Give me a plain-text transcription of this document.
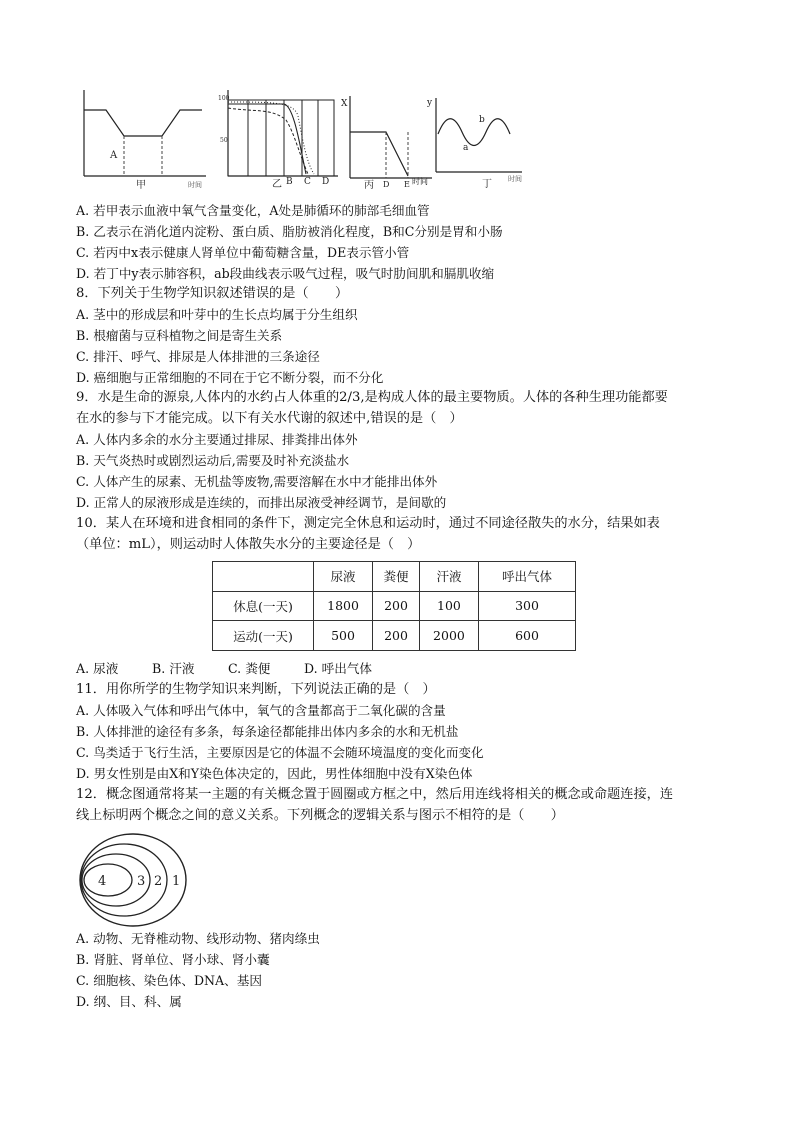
A
甲	时间
100
50
乙 B C D
X
丙 D E 时间
y
a
b
丁 时间
A. 若甲表示血液中氧气含量变化，A处是肺循环的肺部毛细血管
B. 乙表示在消化道内淀粉、蛋白质、脂肪被消化程度，B和C分别是胃和小肠
C. 若丙中x表示健康人肾单位中葡萄糖含量，DE表示管小管
D. 若丁中y表示肺容积，ab段曲线表示吸气过程，吸气时肋间肌和膈肌收缩
8．下列关于生物学知识叙述错误的是（　　）
A. 茎中的形成层和叶芽中的生长点均属于分生组织
B. 根瘤菌与豆科植物之间是寄生关系
C. 排汗、呼气、排尿是人体排泄的三条途径
D. 癌细胞与正常细胞的不同在于它不断分裂，而不分化
9．水是生命的源泉,人体内的水约占人体重的2/3,是构成人体的最主要物质。人体的各种生理功能都要
在水的参与下才能完成。以下有关水代谢的叙述中,错误的是（　）
A. 人体内多余的水分主要通过排尿、排粪排出体外
B. 天气炎热时或剧烈运动后,需要及时补充淡盐水
C. 人体产生的尿素、无机盐等废物,需要溶解在水中才能排出体外
D. 正常人的尿液形成是连续的，而排出尿液受神经调节，是间歇的
10．某人在环境和进食相同的条件下，测定完全休息和运动时，通过不同途径散失的水分，结果如表
（单位：mL），则运动时人体散失水分的主要途径是（　）
	尿液	粪便	汗液	呼出气体
休息(一天)	1800	200	100	300
运动(一天)	500	200	2000	600
A. 尿液	B. 汗液	C. 粪便	D. 呼出气体
11．用你所学的生物学知识来判断，下列说法正确的是（　）
A. 人体吸入气体和呼出气体中，氧气的含量都高于二氧化碳的含量
B. 人体排泄的途径有多条，每条途径都能排出体内多余的水和无机盐
C. 鸟类适于飞行生活，主要原因是它的体温不会随环境温度的变化而变化
D. 男女性别是由X和Y染色体决定的，因此，男性体细胞中没有X染色体
12．概念图通常将某一主题的有关概念置于圆圈或方框之中，然后用连线将相关的概念或命题连接，连
线上标明两个概念之间的意义关系。下列概念的逻辑关系与图示不相符的是（　　）
4 3 2 1
A. 动物、无脊椎动物、线形动物、猪肉绦虫
B. 肾脏、肾单位、肾小球、肾小囊
C. 细胞核、染色体、DNA、基因
D. 纲、目、科、属
